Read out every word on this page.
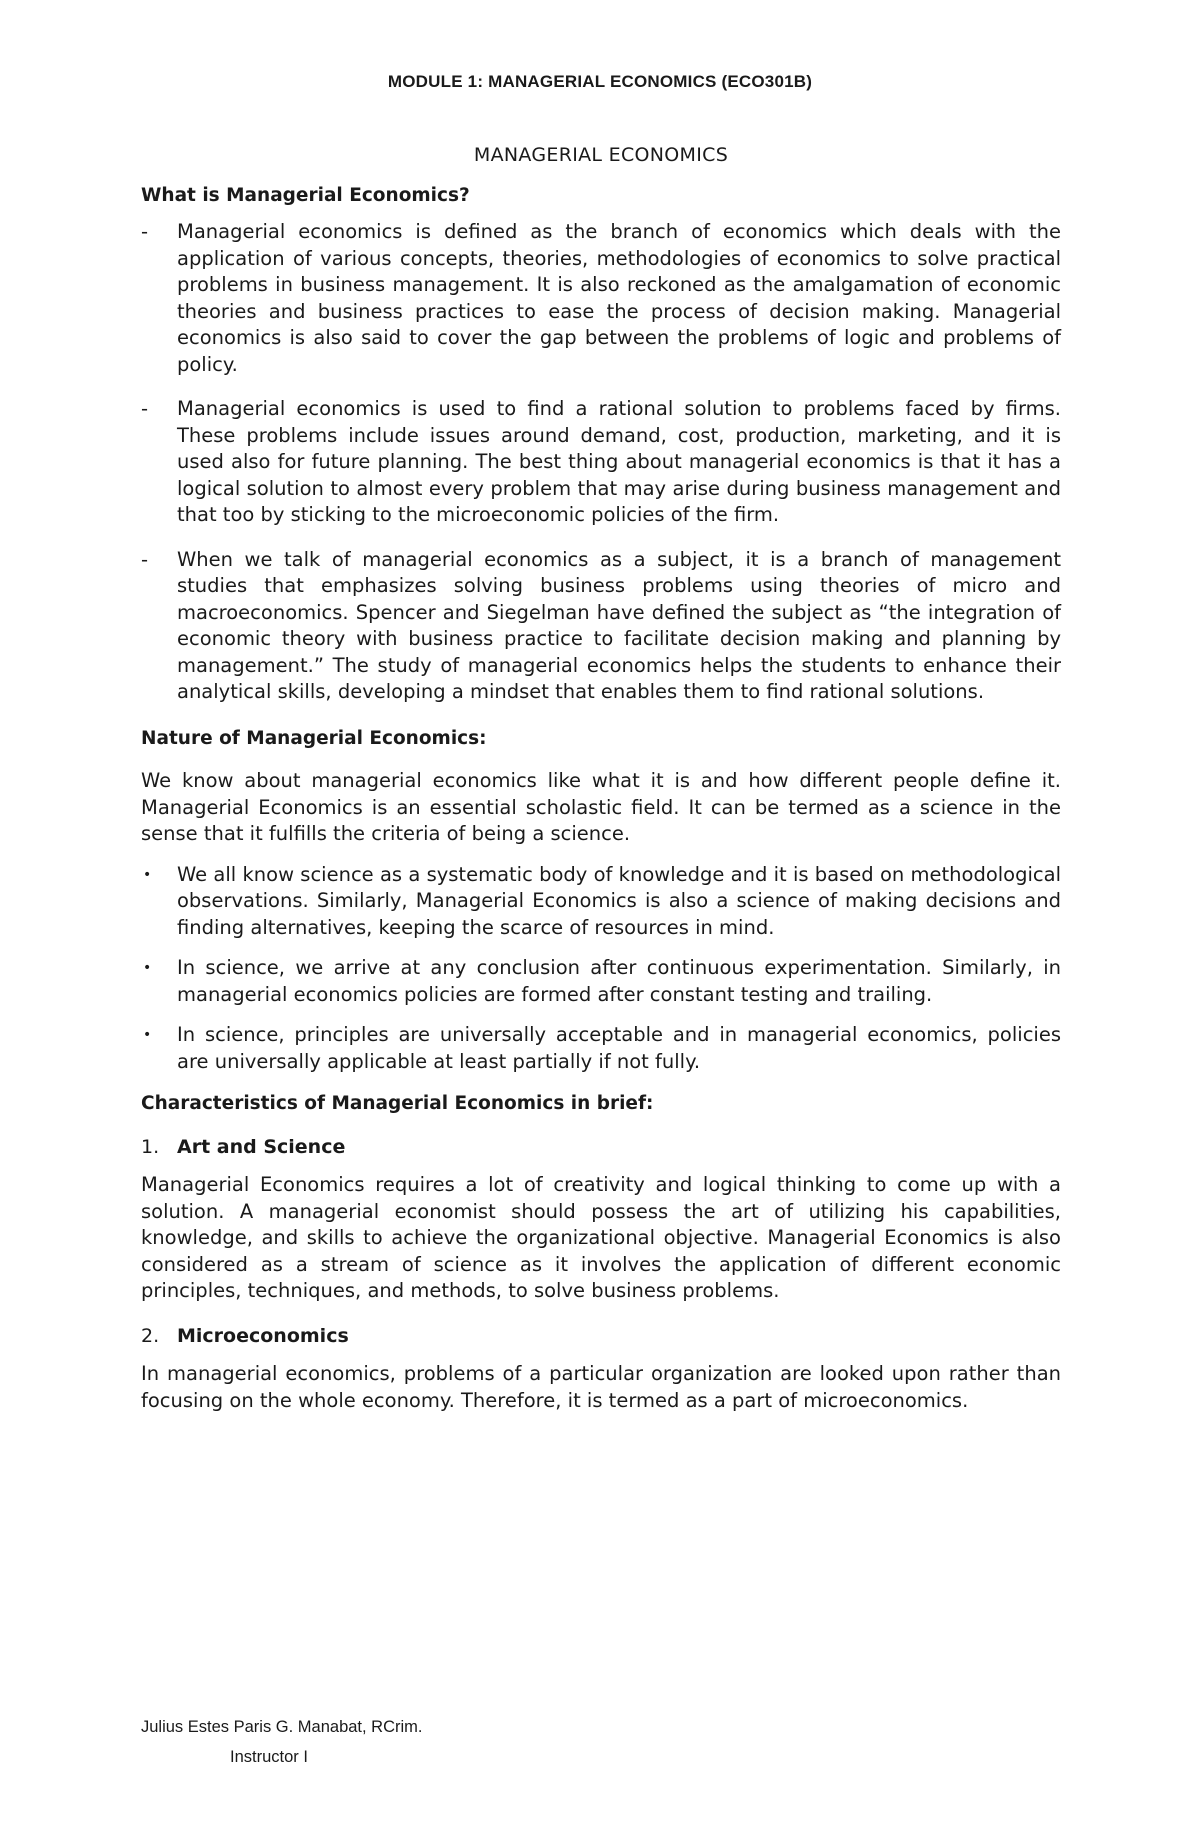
MODULE 1: MANAGERIAL ECONOMICS (ECO301B)
MANAGERIAL ECONOMICS
What is Managerial Economics?
- Managerial economics is defined as the branch of economics which deals with the application of various concepts, theories, methodologies of economics to solve practical problems in business management. It is also reckoned as the amalgamation of economic theories and business practices to ease the process of decision making. Managerial economics is also said to cover the gap between the problems of logic and problems of policy.
- Managerial economics is used to find a rational solution to problems faced by firms. These problems include issues around demand, cost, production, marketing, and it is used also for future planning. The best thing about managerial economics is that it has a logical solution to almost every problem that may arise during business management and that too by sticking to the microeconomic policies of the firm.
- When we talk of managerial economics as a subject, it is a branch of management studies that emphasizes solving business problems using theories of micro and macroeconomics. Spencer and Siegelman have defined the subject as “the integration of economic theory with business practice to facilitate decision making and planning by management.” The study of managerial economics helps the students to enhance their analytical skills, developing a mindset that enables them to find rational solutions.
Nature of Managerial Economics:
We know about managerial economics like what it is and how different people define it. Managerial Economics is an essential scholastic field. It can be termed as a science in the sense that it fulfills the criteria of being a science.
• We all know science as a systematic body of knowledge and it is based on methodological observations. Similarly, Managerial Economics is also a science of making decisions and finding alternatives, keeping the scarce of resources in mind.
• In science, we arrive at any conclusion after continuous experimentation. Similarly, in managerial economics policies are formed after constant testing and trailing.
• In science, principles are universally acceptable and in managerial economics, policies are universally applicable at least partially if not fully.
Characteristics of Managerial Economics in brief:
1. Art and Science
Managerial Economics requires a lot of creativity and logical thinking to come up with a solution. A managerial economist should possess the art of utilizing his capabilities, knowledge, and skills to achieve the organizational objective. Managerial Economics is also considered as a stream of science as it involves the application of different economic principles, techniques, and methods, to solve business problems.
2. Microeconomics
In managerial economics, problems of a particular organization are looked upon rather than focusing on the whole economy. Therefore, it is termed as a part of microeconomics.
Julius Estes Paris G. Manabat, RCrim.
Instructor I
